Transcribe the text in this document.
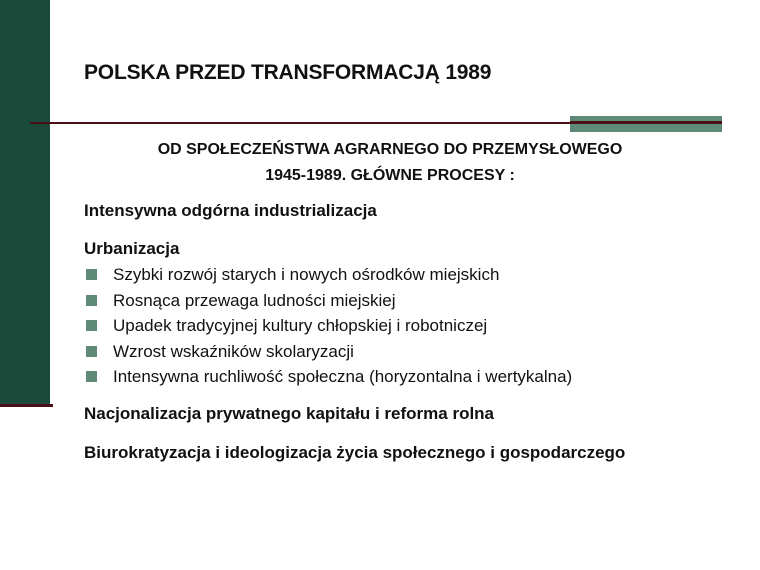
POLSKA PRZED TRANSFORMACJĄ 1989
OD SPOŁECZEŃSTWA AGRARNEGO DO PRZEMYSŁOWEGO
1945-1989. GŁÓWNE PROCESY :

Intensywna odgórna industrializacja

Urbanizacja

Szybki rozwój starych i nowych ośrodków miejskich
Rosnąca przewaga ludności miejskiej
Upadek tradycyjnej kultury chłopskiej i robotniczej
Wzrost wskaźników skolaryzacji
Intensywna ruchliwość społeczna (horyzontalna i wertykalna)

Nacjonalizacja prywatnego kapitału i reforma rolna

Biurokratyzacja i ideologizacja życia społecznego i gospodarczego
